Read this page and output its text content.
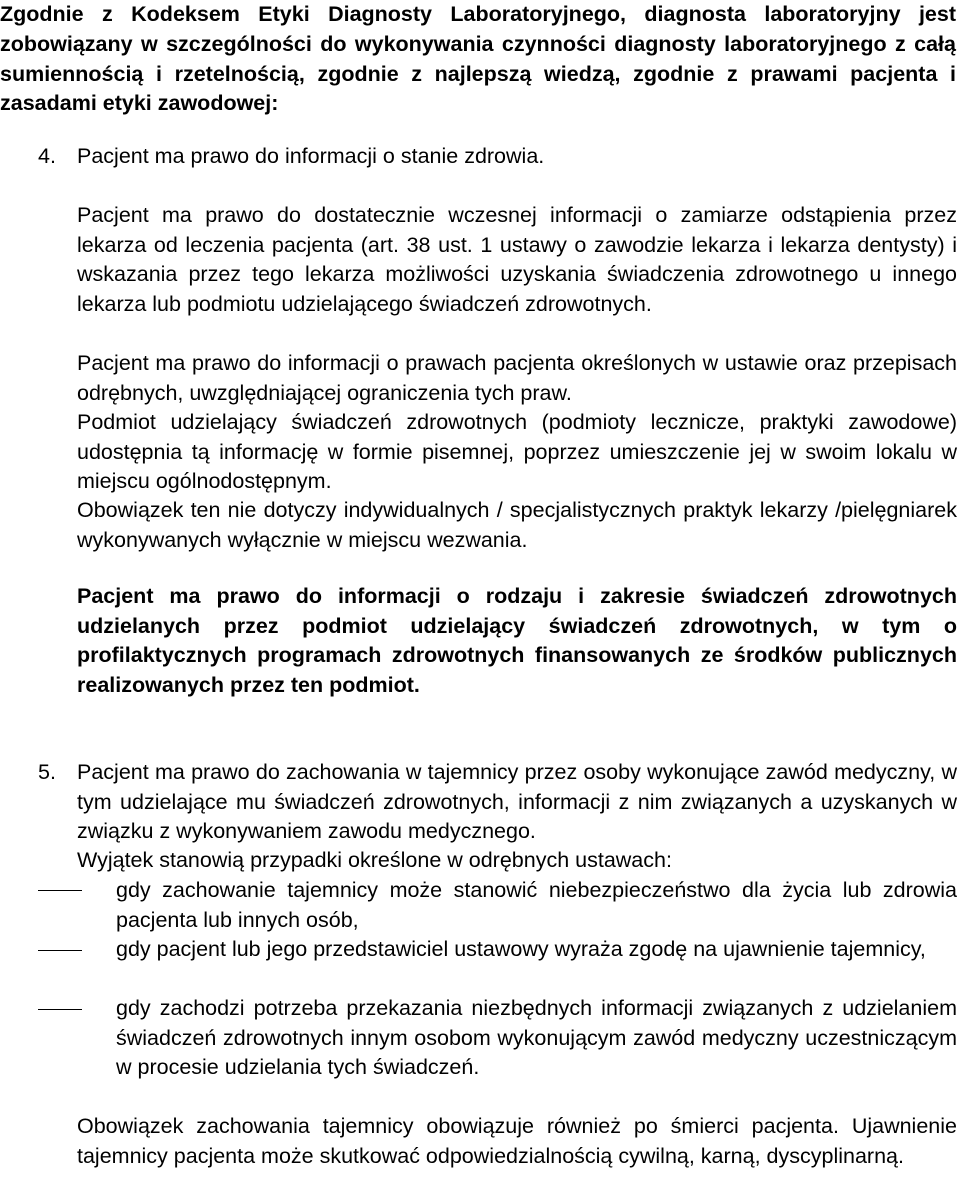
Zgodnie z Kodeksem Etyki Diagnosty Laboratoryjnego, diagnosta laboratoryjny jest zobowiązany w szczególności do wykonywania czynności diagnosty laboratoryjnego z całą sumiennością i rzetelnością, zgodnie z najlepszą wiedzą, zgodnie z prawami pacjenta i zasadami etyki zawodowej:

4. Pacjent ma prawo do informacji o stanie zdrowia.

Pacjent ma prawo do dostatecznie wczesnej informacji o zamiarze odstąpienia przez lekarza od leczenia pacjenta (art. 38 ust. 1 ustawy o zawodzie lekarza i lekarza dentysty) i wskazania przez tego lekarza możliwości uzyskania świadczenia zdrowotnego u innego lekarza lub podmiotu udzielającego świadczeń zdrowotnych.

Pacjent ma prawo do informacji o prawach pacjenta określonych w ustawie oraz przepisach odrębnych, uwzględniającej ograniczenia tych praw.

Podmiot udzielający świadczeń zdrowotnych (podmioty lecznicze, praktyki zawodowe) udostępnia tą informację w formie pisemnej, poprzez umieszczenie jej w swoim lokalu w miejscu ogólnodostępnym.

Obowiązek ten nie dotyczy indywidualnych / specjalistycznych praktyk lekarzy /pielęgniarek wykonywanych wyłącznie w miejscu wezwania.

Pacjent ma prawo do informacji o rodzaju i zakresie świadczeń zdrowotnych udzielanych przez podmiot udzielający świadczeń zdrowotnych, w tym o profilaktycznych programach zdrowotnych finansowanych ze środków publicznych realizowanych przez ten podmiot.

5. Pacjent ma prawo do zachowania w tajemnicy przez osoby wykonujące zawód medyczny, w tym udzielające mu świadczeń zdrowotnych, informacji z nim związanych a uzyskanych w związku z wykonywaniem zawodu medycznego.

Wyjątek stanowią przypadki określone w odrębnych ustawach:

gdy zachowanie tajemnicy może stanowić niebezpieczeństwo dla życia lub zdrowia pacjenta lub innych osób,

gdy pacjent lub jego przedstawiciel ustawowy wyraża zgodę na ujawnienie tajemnicy,

gdy zachodzi potrzeba przekazania niezbędnych informacji związanych z udzielaniem świadczeń zdrowotnych innym osobom wykonującym zawód medyczny uczestniczącym w procesie udzielania tych świadczeń.

Obowiązek zachowania tajemnicy obowiązuje również po śmierci pacjenta. Ujawnienie tajemnicy pacjenta może skutkować odpowiedzialnością cywilną, karną, dyscyplinarną.
